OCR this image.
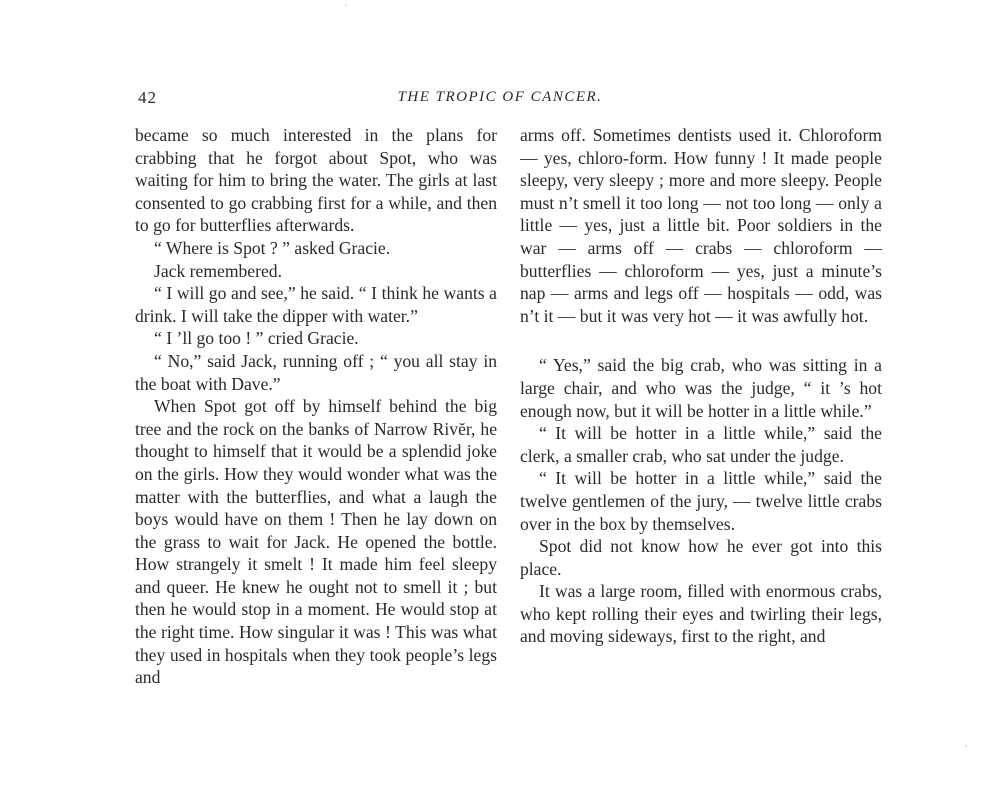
42	THE TROPIC OF CANCER.

became so much interested in the plans for crabbing that he forgot about Spot, who was waiting for him to bring the water. The girls at last consented to go crabbing first for a while, and then to go for butterflies afterwards.

“ Where is Spot ? ” asked Gracie.

Jack remembered.

“ I will go and see,” he said. “ I think he wants a drink. I will take the dipper with water.”

“ I ’ll go too ! ” cried Gracie.

“ No,” said Jack, running off ; “ you all stay in the boat with Dave.”

When Spot got off by himself behind the big tree and the rock on the banks of Narrow Rivĕr, he thought to himself that it would be a splendid joke on the girls. How they would wonder what was the matter with the butterflies, and what a laugh the boys would have on them ! Then he lay down on the grass to wait for Jack. He opened the bottle. How strangely it smelt ! It made him feel sleepy and queer. He knew he ought not to smell it ; but then he would stop in a moment. He would stop at the right time. How singular it was ! This was what they used in hospitals when they took people’s legs and

arms off. Sometimes dentists used it. Chloroform — yes, chloro-form. How funny ! It made people sleepy, very sleepy ; more and more sleepy. People must n’t smell it too long — not too long — only a little — yes, just a little bit. Poor soldiers in the war — arms off — crabs — chloroform — butterflies — chloroform — yes, just a minute’s nap — arms and legs off — hospitals — odd, was n’t it — but it was very hot — it was awfully hot.

“ Yes,” said the big crab, who was sitting in a large chair, and who was the judge, “ it ’s hot enough now, but it will be hotter in a little while.”

“ It will be hotter in a little while,” said the clerk, a smaller crab, who sat under the judge.

“ It will be hotter in a little while,” said the twelve gentlemen of the jury, — twelve little crabs over in the box by themselves.

Spot did not know how he ever got into this place.

It was a large room, filled with enormous crabs, who kept rolling their eyes and twirling their legs, and moving sideways, first to the right, and
